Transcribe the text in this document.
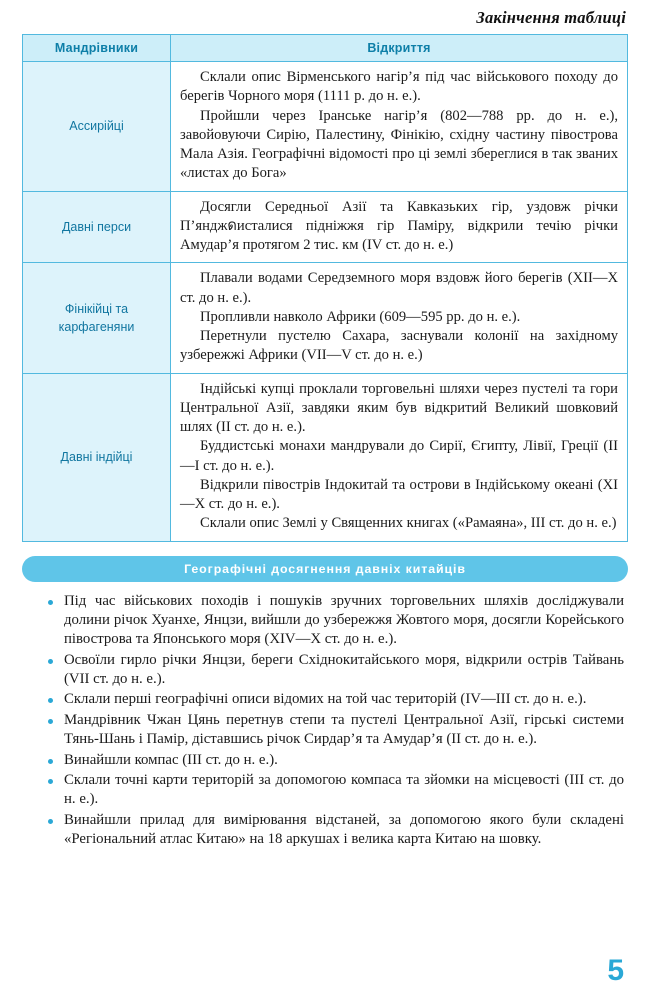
Закінчення таблиці
Мандрівники	Відкриття
Ассирійці	Склали опис Вірменського нагір’я під час військового походу до берегів Чорного моря (1111 р. до н. е.).

Пройшли через Іранське нагір’я (802—788 рр. до н. е.), завойовуючи Сирію, Палестину, Фінікію, східну частину півострова Мала Азія. Географічні відомості про ці землі збереглися в так званих «листах до Бога»

Давні перси	Досягли Середньої Азії та Кавказьких гір, уздовж річки П’янджดисталися підніжжя гір Паміру, відкрили течію річки Амудар’я протягом 2 тис. км (IV ст. до н. е.)

Фінікійці та карфагеняни	Плавали водами Середземного моря вздовж його берегів (XII—X ст. до н. е.).

Пропливли навколо Африки (609—595 рр. до н. е.).

Перетнули пустелю Сахара, заснували колонії на західному узбережжі Африки (VII—V ст. до н. е.)

Давні індійці	Індійські купці проклали торговельні шляхи через пустелі та гори Центральної Азії, завдяки яким був відкритий Великий шовковий шлях (II ст. до н. е.).

Буддистські монахи мандрували до Сирії, Єгипту, Лівії, Греції (II—I ст. до н. е.).

Відкрили півострів Індокитай та острови в Індійському океані (XI—X ст. до н. е.).

Склали опис Землі у Священних книгах («Рамаяна», III ст. до н. е.)

Географічні досягнення давніх китайців
Під час військових походів і пошуків зручних торговельних шляхів досліджували долини річок Хуанхе, Янцзи, вийшли до узбережжя Жовтого моря, досягли Корейського півострова та Японського моря (XIV—X ст. до н. е.).
Освоїли гирло річки Янцзи, береги Східнокитайського моря, відкрили острів Тайвань (VII ст. до н. е.).
Склали перші географічні описи відомих на той час територій (IV—III ст. до н. е.).
Мандрівник Чжан Цянь перетнув степи та пустелі Центральної Азії, гірські системи Тянь-Шань і Памір, діставшись річок Сирдар’я та Амудар’я (II ст. до н. е.).
Винайшли компас (III ст. до н. е.).
Склали точні карти територій за допомогою компаса та зйомки на місцевості (III ст. до н. е.).
Винайшли прилад для вимірювання відстаней, за допомогою якого були складені «Регіональний атлас Китаю» на 18 аркушах і велика карта Китаю на шовку.
5
